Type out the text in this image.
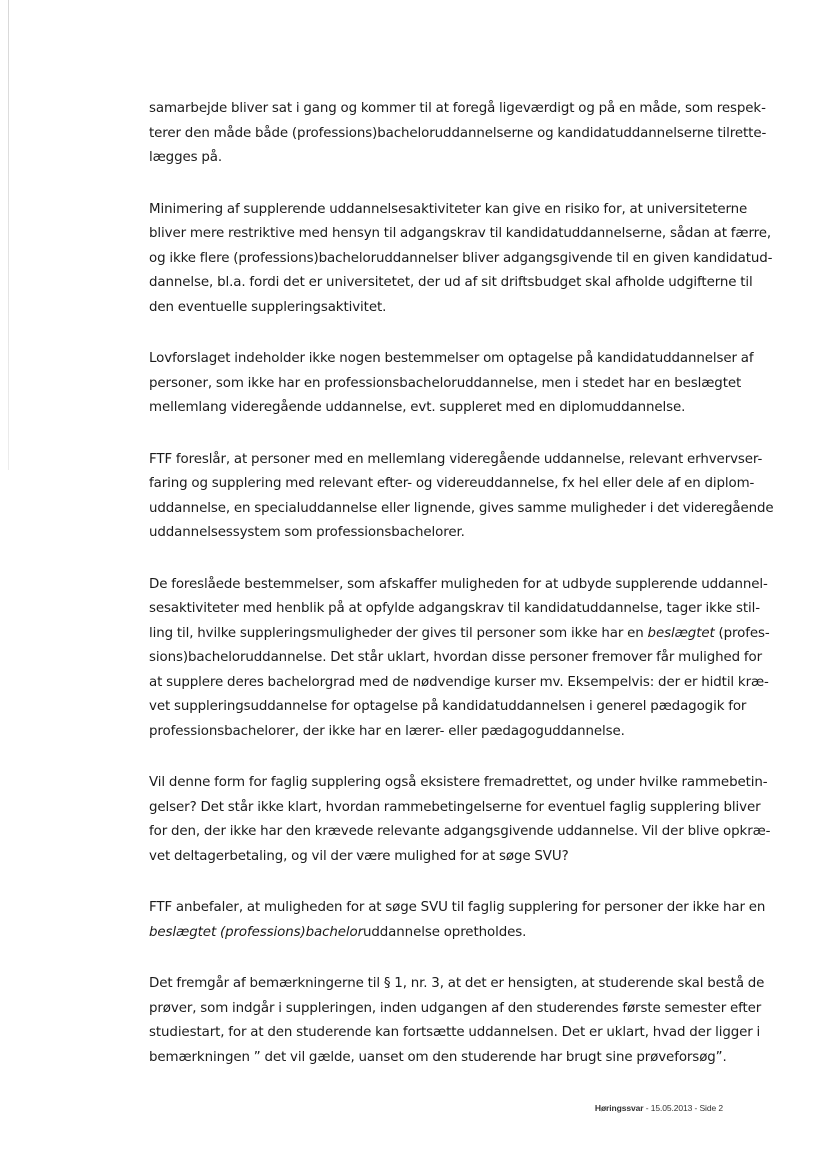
samarbejde bliver sat i gang og kommer til at foregå ligeværdigt og på en måde, som respek-
terer den måde både (professions)bacheloruddannelserne og kandidatuddannelserne tilrette-
lægges på.

Minimering af supplerende uddannelsesaktiviteter kan give en risiko for, at universiteterne
bliver mere restriktive med hensyn til adgangskrav til kandidatuddannelserne, sådan at færre,
og ikke flere (professions)bacheloruddannelser bliver adgangsgivende til en given kandidatud-
dannelse, bl.a. fordi det er universitetet, der ud af sit driftsbudget skal afholde udgifterne til
den eventuelle suppleringsaktivitet.

Lovforslaget indeholder ikke nogen bestemmelser om optagelse på kandidatuddannelser af
personer, som ikke har en professionsbacheloruddannelse, men i stedet har en beslægtet
mellemlang videregående uddannelse, evt. suppleret med en diplomuddannelse.

FTF foreslår, at personer med en mellemlang videregående uddannelse, relevant erhvervser-
faring og supplering med relevant efter- og videreuddannelse, fx hel eller dele af en diplom-
uddannelse, en specialuddannelse eller lignende, gives samme muligheder i det videregående
uddannelsessystem som professionsbachelorer.

De foreslåede bestemmelser, som afskaffer muligheden for at udbyde supplerende uddannel-
sesaktiviteter med henblik på at opfylde adgangskrav til kandidatuddannelse, tager ikke stil-
ling til, hvilke suppleringsmuligheder der gives til personer som ikke har en beslægtet (profes-
sions)bacheloruddannelse. Det står uklart, hvordan disse personer fremover får mulighed for
at supplere deres bachelorgrad med de nødvendige kurser mv. Eksempelvis: der er hidtil kræ-
vet suppleringsuddannelse for optagelse på kandidatuddannelsen i generel pædagogik for
professionsbachelorer, der ikke har en lærer- eller pædagoguddannelse.

Vil denne form for faglig supplering også eksistere fremadrettet, og under hvilke rammebetin-
gelser? Det står ikke klart, hvordan rammebetingelserne for eventuel faglig supplering bliver
for den, der ikke har den krævede relevante adgangsgivende uddannelse. Vil der blive opkræ-
vet deltagerbetaling, og vil der være mulighed for at søge SVU?

FTF anbefaler, at muligheden for at søge SVU til faglig supplering for personer der ikke har en
beslægtet (professions)bacheloruddannelse opretholdes.

Det fremgår af bemærkningerne til § 1, nr. 3, at det er hensigten, at studerende skal bestå de
prøver, som indgår i suppleringen, inden udgangen af den studerendes første semester efter
studiestart, for at den studerende kan fortsætte uddannelsen. Det er uklart, hvad der ligger i
bemærkningen ” det vil gælde, uanset om den studerende har brugt sine prøveforsøg”.

Høringssvar - 15.05.2013 - Side 2
